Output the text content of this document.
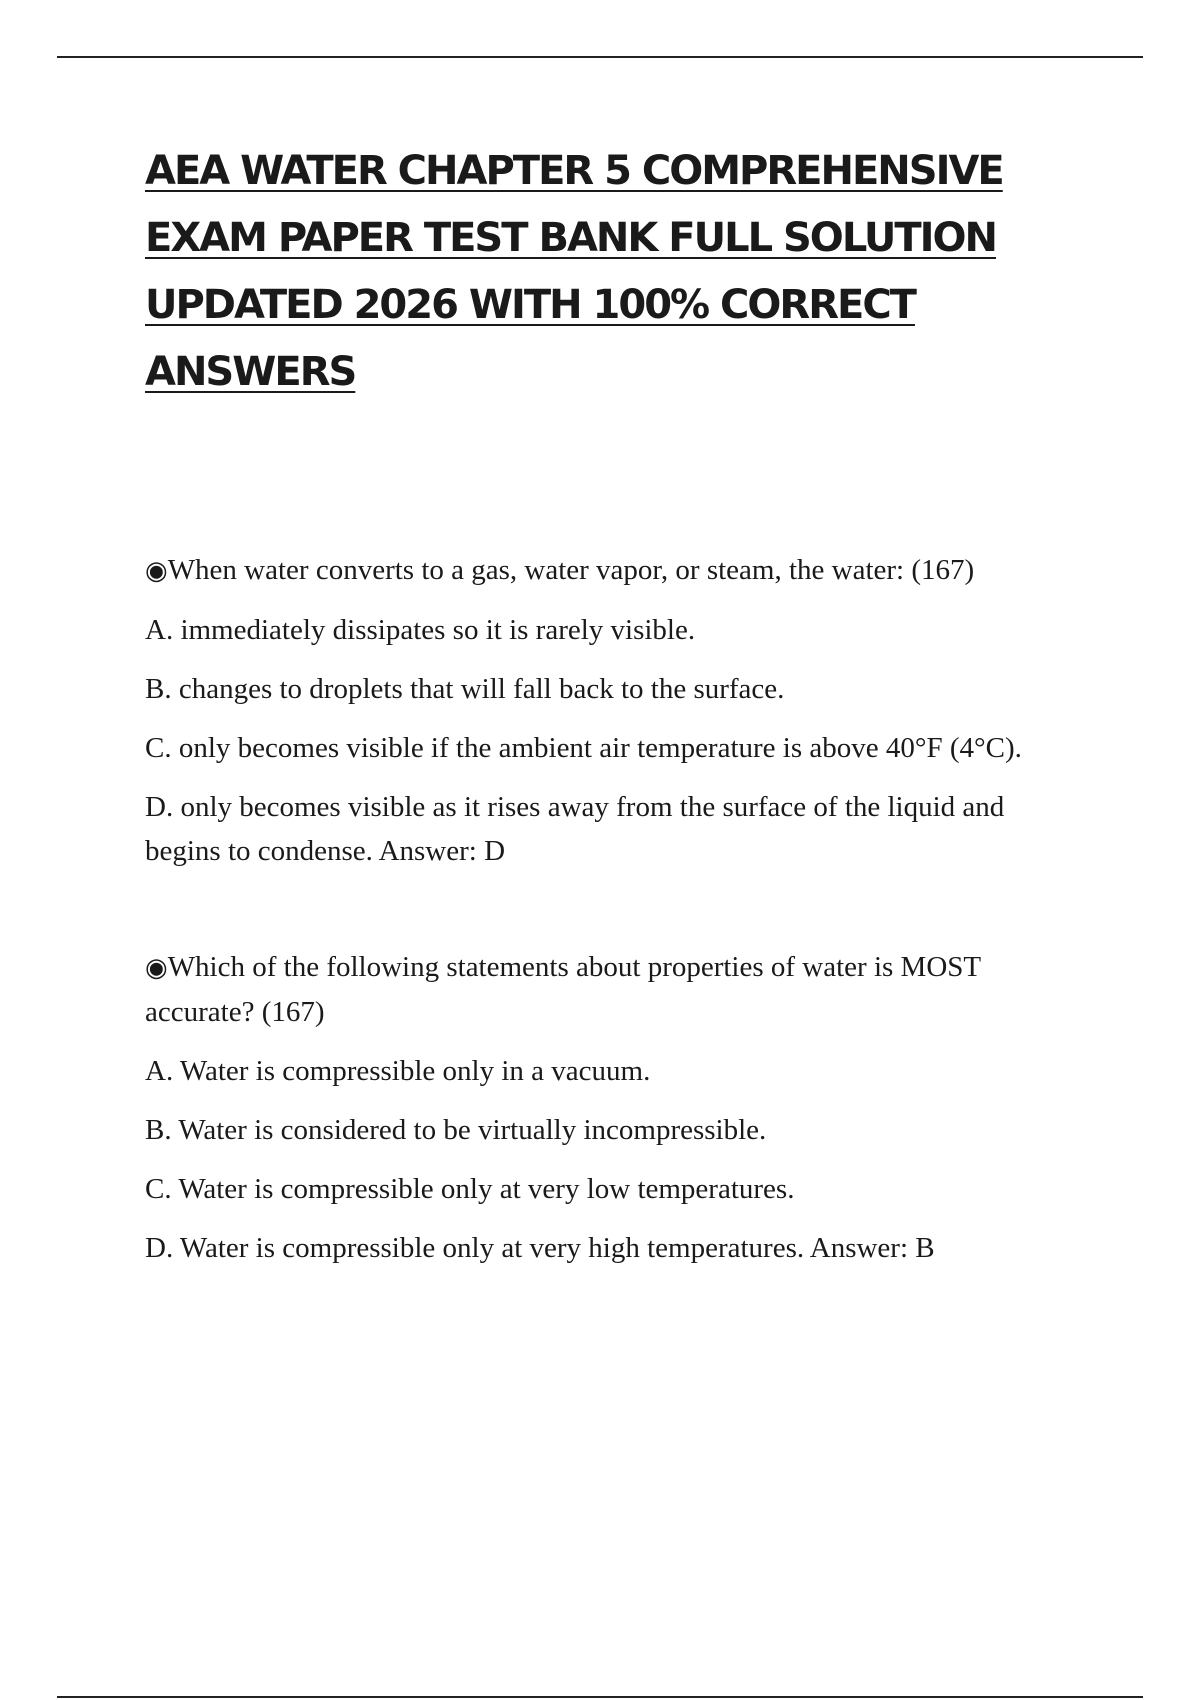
AEA WATER CHAPTER 5 COMPREHENSIVE EXAM PAPER TEST BANK FULL SOLUTION UPDATED 2026 WITH 100% CORRECT ANSWERS

◉When water converts to a gas, water vapor, or steam, the water: (167)

A. immediately dissipates so it is rarely visible.

B. changes to droplets that will fall back to the surface.

C. only becomes visible if the ambient air temperature is above 40°F (4°C).

D. only becomes visible as it rises away from the surface of the liquid and begins to condense. Answer: D

◉Which of the following statements about properties of water is MOST accurate? (167)

A. Water is compressible only in a vacuum.

B. Water is considered to be virtually incompressible.

C. Water is compressible only at very low temperatures.

D. Water is compressible only at very high temperatures. Answer: B
